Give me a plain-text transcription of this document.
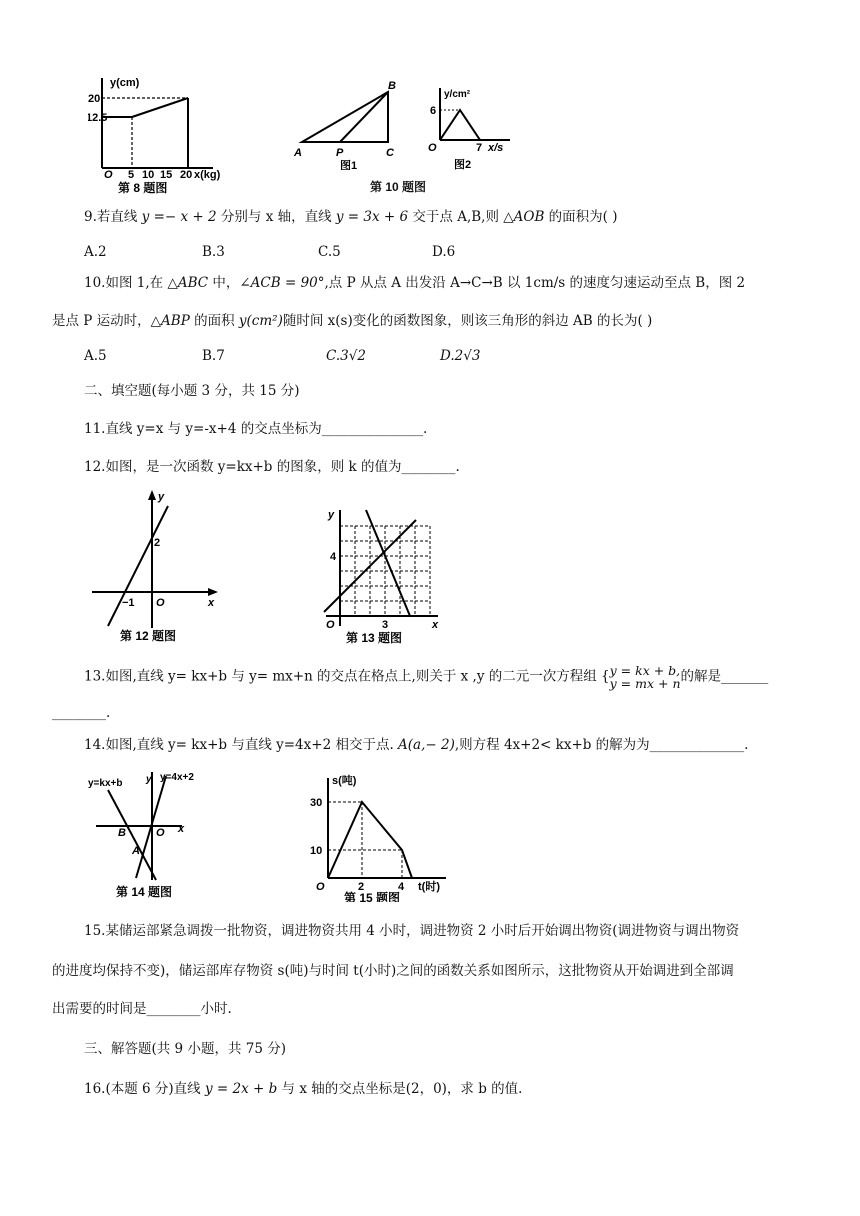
y(cm)
20
12.5
O 5 10 15 20 x(kg)
第 8 题图
B
A	P	C
图1
y/cm²
6
O	7 x/s
图2
第 10 题图
9.若直线 y =− x + 2 分别与 x 轴，直线 y = 3x + 6 交于点 A,B,则 △AOB 的面积为( )
A.2	B.3	C.5	D.6
10.如图 1,在 △ABC 中，∠ACB = 90°,点 P 从点 A 出发沿 A→C→B 以 1cm/s 的速度匀速运动至点 B，图 2
是点 P 运动时，△ABP 的面积 y(cm²)随时间 x(s)变化的函数图象，则该三角形的斜边 AB 的长为( )
A.5	B.7	C.3√2	D.2√3
二、填空题(每小题 3 分，共 15 分)
11.直线 y=x 与 y=-x+4 的交点坐标为_______________.
12.如图，是一次函数 y=kx+b 的图象，则 k 的值为________.
y
2
−1 O	x
第 12 题图
y
4
O	3	x
第 13 题图
13.如图,直线 y= kx+b 与 y= mx+n 的交点在格点上,则关于 x ,y 的二元一次方程组 { y = kx + b,
y = mx + n 的解是_______
________.
14.如图,直线 y= kx+b 与直线 y=4x+2 相交于点. A(a,− 2),则方程 4x+2< kx+b 的解为为______________.
y=kx+b y y=4x+2
B	O x
A
第 14 题图
s(吨)
30
10
O	2	4 t(时)
第 15 题图
15.某储运部紧急调拨一批物资，调进物资共用 4 小时，调进物资 2 小时后开始调出物资(调进物资与调出物资
的进度均保持不变)，储运部库存物资 s(吨)与时间 t(小时)之间的函数关系如图所示，这批物资从开始调进到全部调
出需要的时间是________小时.
三、解答题(共 9 小题，共 75 分)
16.(本题 6 分)直线 y = 2x + b 与 x 轴的交点坐标是(2，0)，求 b 的值.
